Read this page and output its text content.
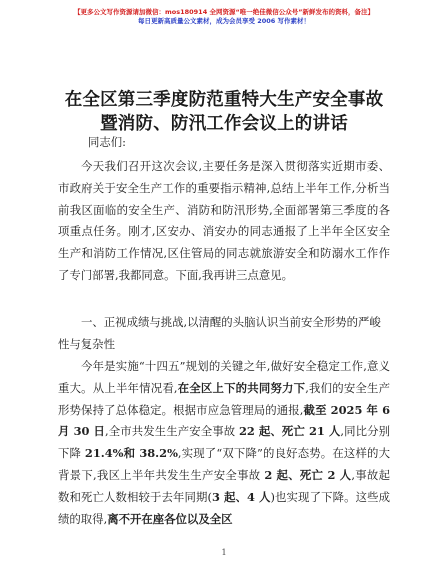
【更多公文写作资源请加微信：mos180914 全网资源“唯一绝佳微信公众号”新鲜发布的资料，备注】
每日更新高质量公文素材，成为会员享受 2006 写作素材！
在全区第三季度防范重特大生产安全事故暨消防、防汛工作会议上的讲话
同志们:
今天我们召开这次会议,主要任务是深入贯彻落实近期市委、市政府关于安全生产工作的重要指示精神,总结上半年工作,分析当前我区面临的安全生产、消防和防汛形势,全面部署第三季度的各项重点任务。刚才,区安办、消安办的同志通报了上半年全区安全生产和消防工作情况,区住管局的同志就旅游安全和防溺水工作作了专门部署,我都同意。下面,我再讲三点意见。
一、正视成绩与挑战,以清醒的头脑认识当前安全形势的严峻性与复杂性
今年是实施“十四五”规划的关键之年,做好安全稳定工作,意义重大。从上半年情况看,在全区上下的共同努力下,我们的安全生产形势保持了总体稳定。根据市应急管理局的通报,截至 2025 年 6 月 30 日,全市共发生生产安全事故 22 起、死亡 21 人,同比分别下降 21.4%和 38.2%,实现了“双下降”的良好态势。在这样的大背景下,我区上半年共发生生产安全事故 2 起、死亡 2 人,事故起数和死亡人数相较于去年同期(3 起、4 人)也实现了下降。这些成绩的取得,离不开在座各位以及全区
1
